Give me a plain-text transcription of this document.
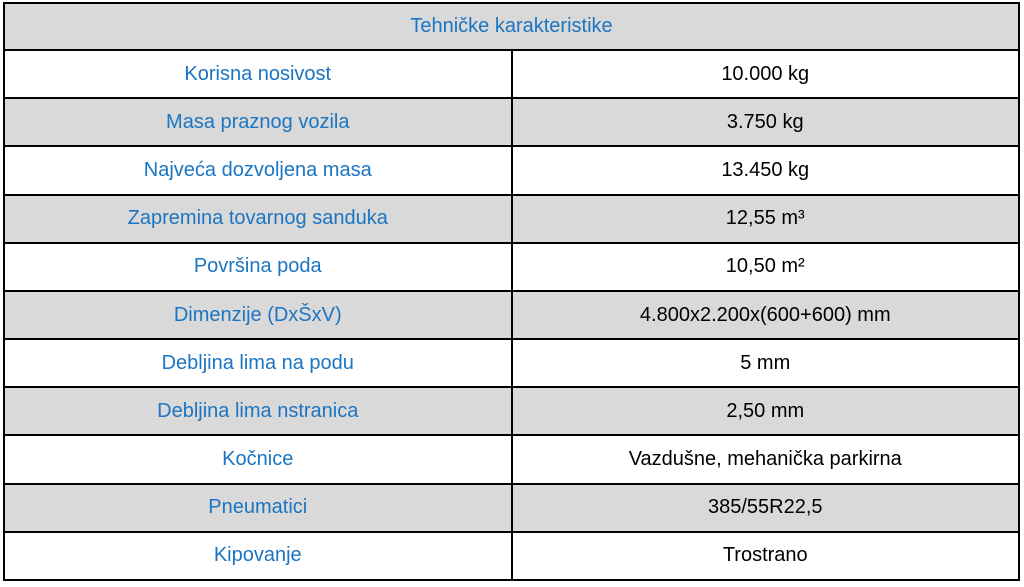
Tehničke karakteristike	
Korisna nosivost	10.000 kg
Masa praznog vozila	3.750 kg
Najveća dozvoljena masa	13.450 kg
Zapremina tovarnog sanduka	12,55 m³
Površina poda	10,50 m²
Dimenzije (DxŠxV)	4.800x2.200x(600+600) mm
Debljina lima na podu	5 mm
Debljina lima nstranica	2,50 mm
Kočnice	Vazdušne, mehanička parkirna
Pneumatici	385/55R22,5
Kipovanje	Trostrano
